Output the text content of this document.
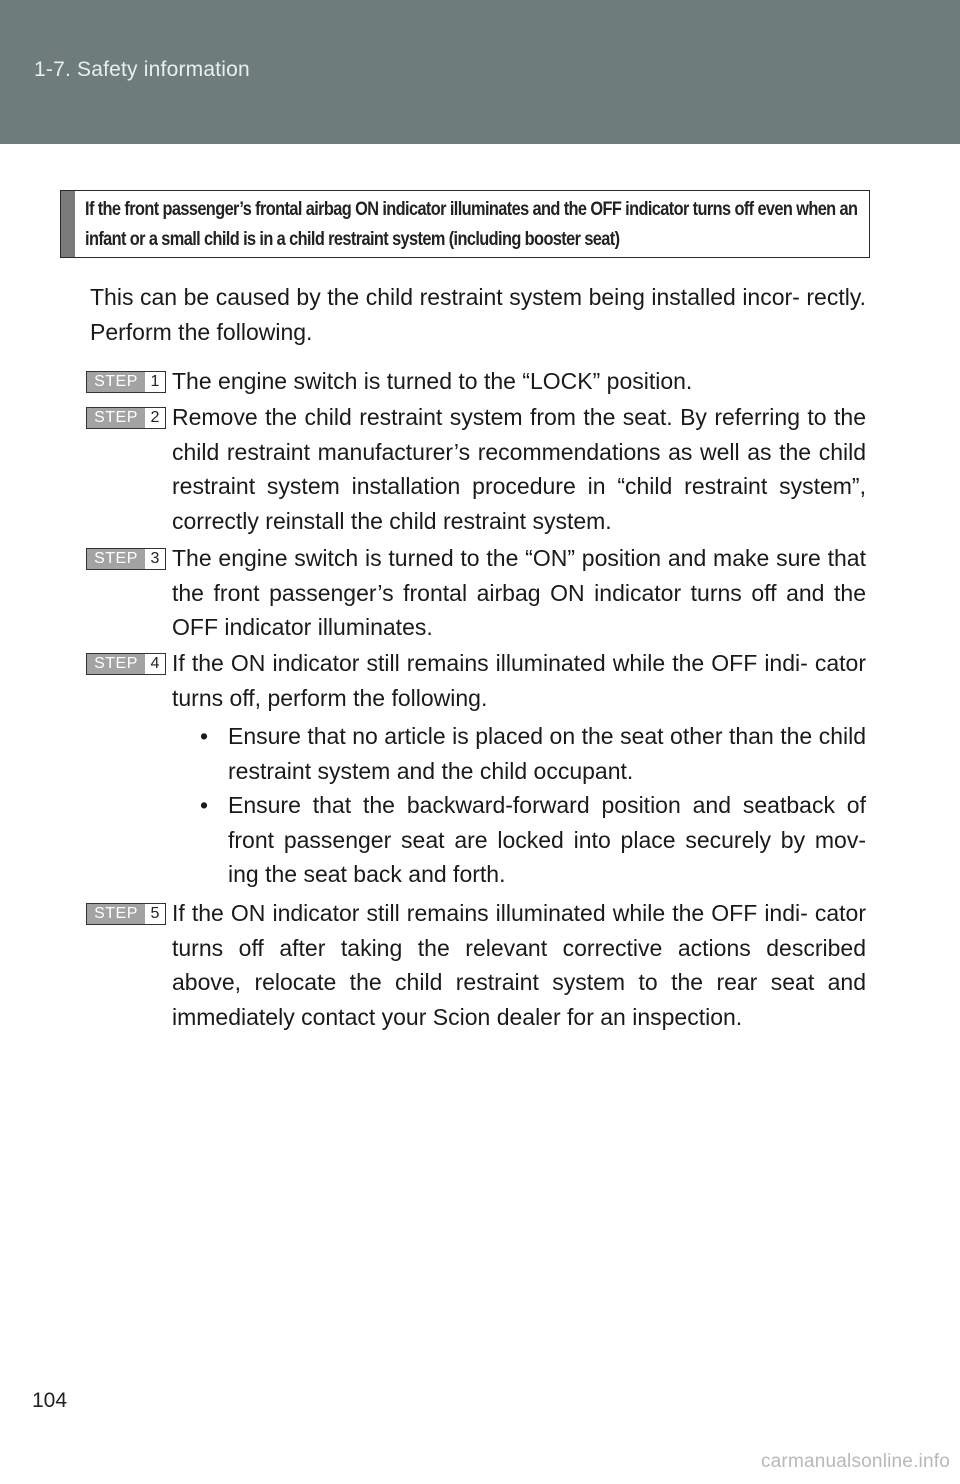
1-7. Safety information
If the front passenger’s frontal airbag ON indicator illuminates and the OFF indicator turns off even when an infant or a small child is in a child restraint system (including booster seat)
This can be caused by the child restraint system being installed incor- rectly. Perform the following.
STEP 1 The engine switch is turned to the “LOCK” position.
STEP 2 Remove the child restraint system from the seat. By referring to the child restraint manufacturer’s recommendations as well as the child restraint system installation procedure in “child restraint system”, correctly reinstall the child restraint system.
STEP 3 The engine switch is turned to the “ON” position and make sure that the front passenger’s frontal airbag ON indicator turns off and the OFF indicator illuminates.
STEP 4 If the ON indicator still remains illuminated while the OFF indi- cator turns off, perform the following.
• Ensure that no article is placed on the seat other than the child restraint system and the child occupant.
• Ensure that the backward-forward position and seatback of front passenger seat are locked into place securely by mov- ing the seat back and forth.
STEP 5 If the ON indicator still remains illuminated while the OFF indi- cator turns off after taking the relevant corrective actions described above, relocate the child restraint system to the rear seat and immediately contact your Scion dealer for an inspection.
104
carmanualsonline.info
